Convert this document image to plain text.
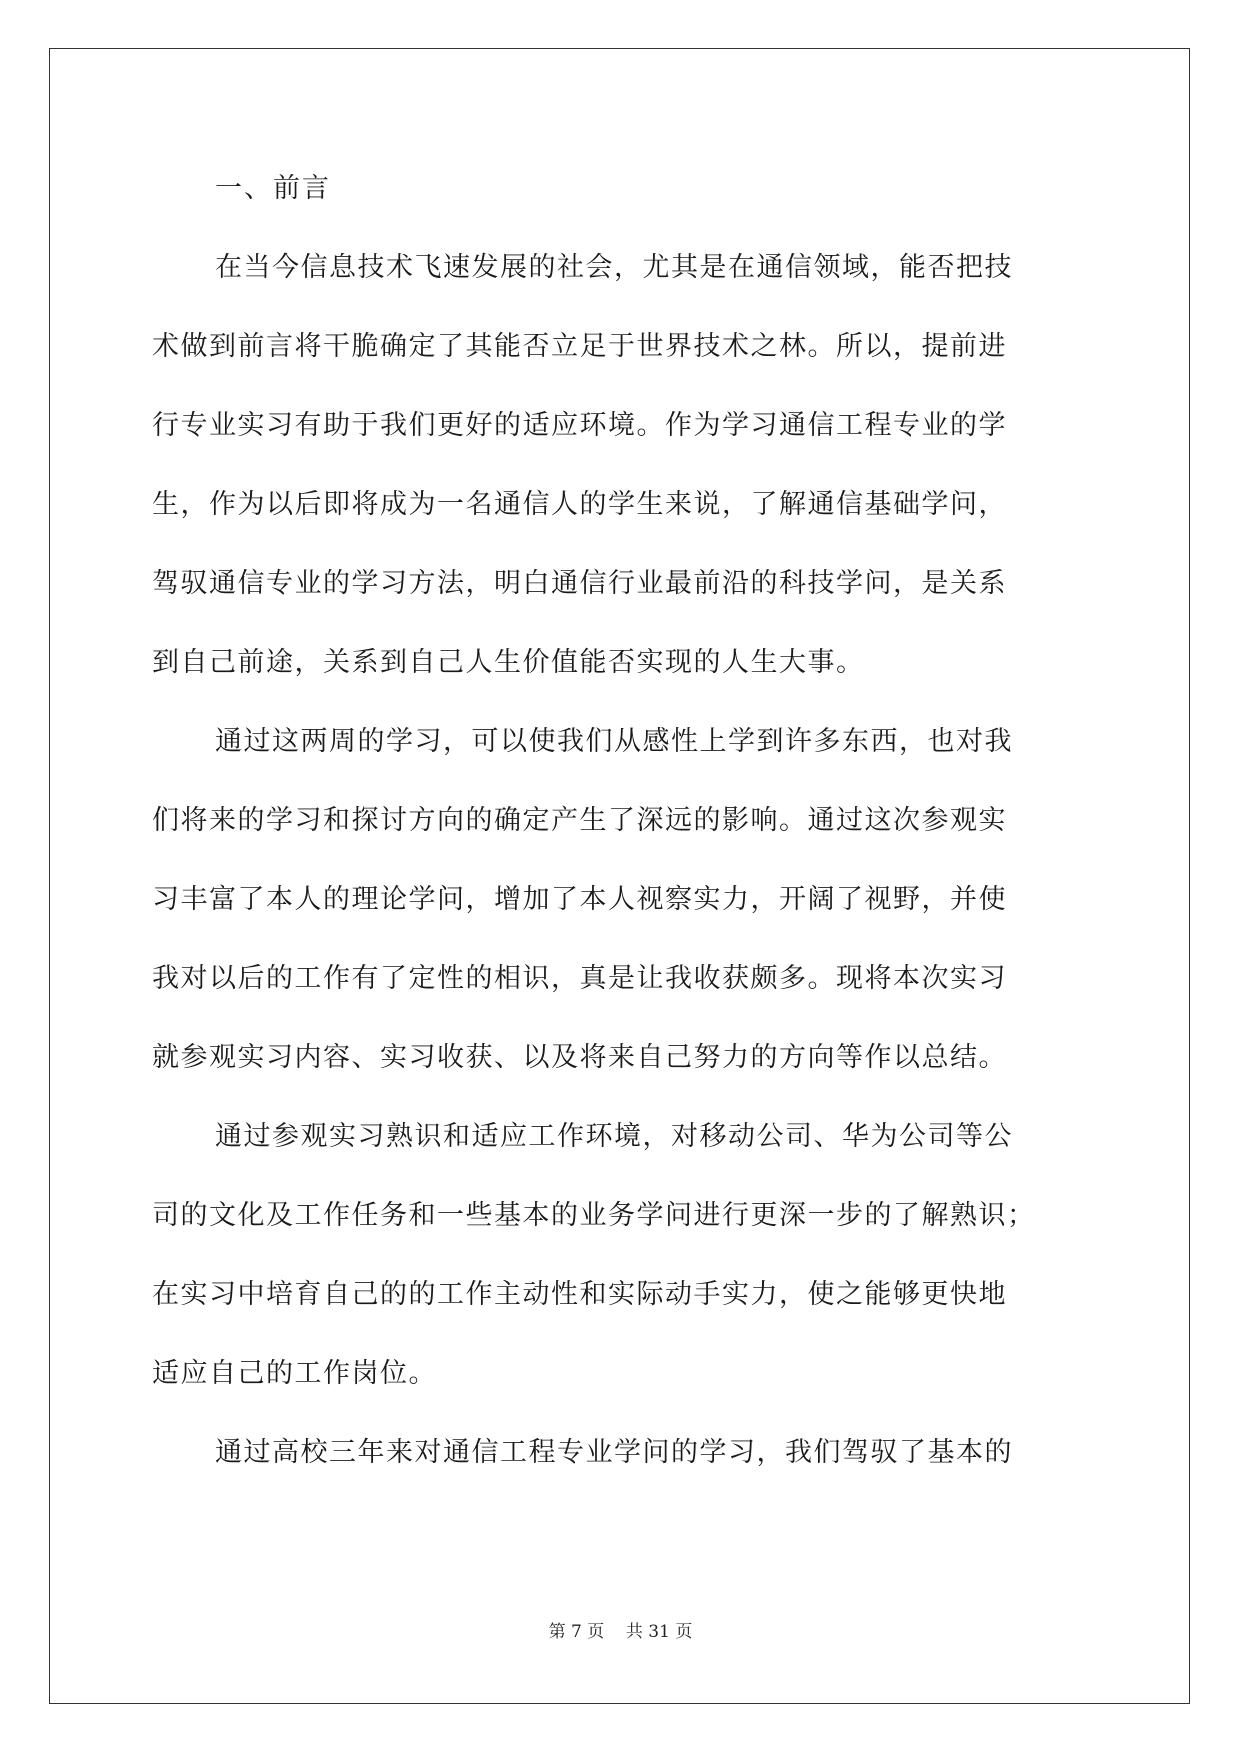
一、前言
在当今信息技术飞速发展的社会，尤其是在通信领域，能否把技
术做到前言将干脆确定了其能否立足于世界技术之林。所以，提前进
行专业实习有助于我们更好的适应环境。作为学习通信工程专业的学
生，作为以后即将成为一名通信人的学生来说，了解通信基础学问，
驾驭通信专业的学习方法，明白通信行业最前沿的科技学问，是关系
到自己前途，关系到自己人生价值能否实现的人生大事。
通过这两周的学习，可以使我们从感性上学到许多东西，也对我
们将来的学习和探讨方向的确定产生了深远的影响。通过这次参观实
习丰富了本人的理论学问，增加了本人视察实力，开阔了视野，并使
我对以后的工作有了定性的相识，真是让我收获颇多。现将本次实习
就参观实习内容、实习收获、以及将来自己努力的方向等作以总结。
通过参观实习熟识和适应工作环境，对移动公司、华为公司等公
司的文化及工作任务和一些基本的业务学问进行更深一步的了解熟识；
在实习中培育自己的的工作主动性和实际动手实力，使之能够更快地
适应自己的工作岗位。
通过高校三年来对通信工程专业学问的学习，我们驾驭了基本的
第 7 页    共 31 页
